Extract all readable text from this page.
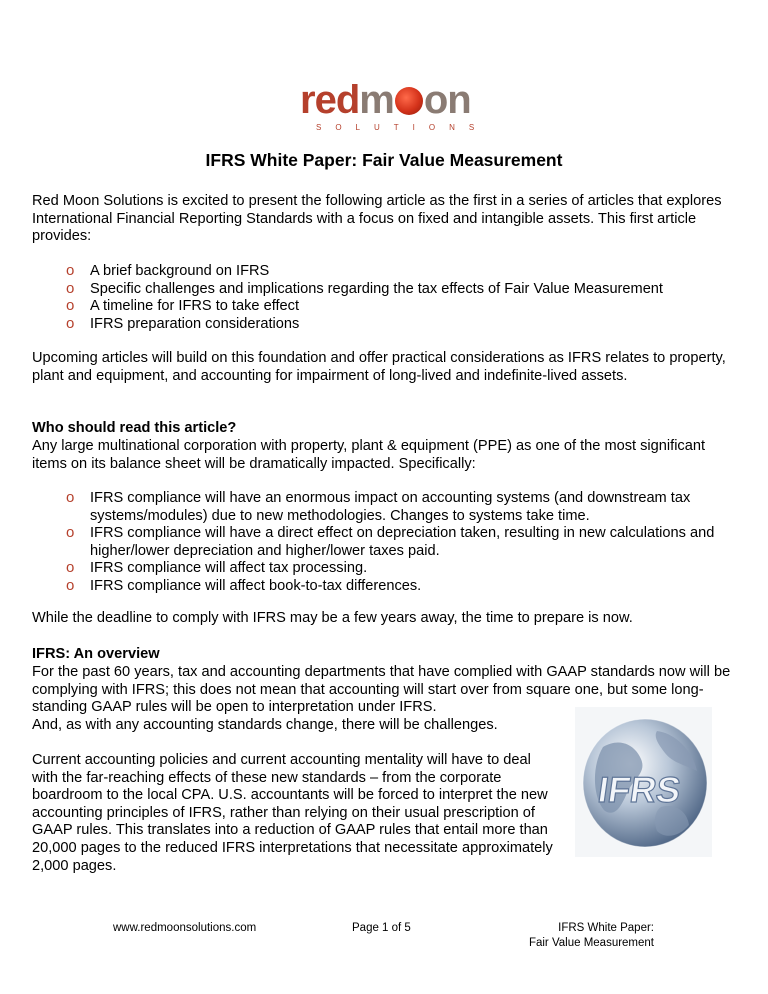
redm on
SOLUTIONS
IFRS White Paper: Fair Value Measurement

Red Moon Solutions is excited to present the following article as the first in a series of articles that explores International Financial Reporting Standards with a focus on fixed and intangible assets. This first article provides:

o A brief background on IFRS
o Specific challenges and implications regarding the tax effects of Fair Value Measurement
o A timeline for IFRS to take effect
o IFRS preparation considerations

Upcoming articles will build on this foundation and offer practical considerations as IFRS relates to property, plant and equipment, and accounting for impairment of long-lived and indefinite-lived assets.

Who should read this article?

Any large multinational corporation with property, plant & equipment (PPE) as one of the most significant items on its balance sheet will be dramatically impacted. Specifically:

o IFRS compliance will have an enormous impact on accounting systems (and downstream tax systems/modules) due to new methodologies. Changes to systems take time.
o IFRS compliance will have a direct effect on depreciation taken, resulting in new calculations and higher/lower depreciation and higher/lower taxes paid.
o IFRS compliance will affect tax processing.
o IFRS compliance will affect book-to-tax differences.

While the deadline to comply with IFRS may be a few years away, the time to prepare is now.

IFRS: An overview

For the past 60 years, tax and accounting departments that have complied with GAAP standards now will be complying with IFRS; this does not mean that accounting will start over from square one, but some long-standing GAAP rules will be open to interpretation under IFRS.

And, as with any accounting standards change, there will be challenges.

Current accounting policies and current accounting mentality will have to deal with the far-reaching effects of these new standards – from the corporate boardroom to the local CPA. U.S. accountants will be forced to interpret the new accounting principles of IFRS, rather than relying on their usual prescription of GAAP rules. This translates into a reduction of GAAP rules that entail more than 20,000 pages to the reduced IFRS interpretations that necessitate approximately 2,000 pages.

IFRS
www.redmoonsolutions.com	Page 1 of 5	IFRS White Paper:
Fair Value Measurement
